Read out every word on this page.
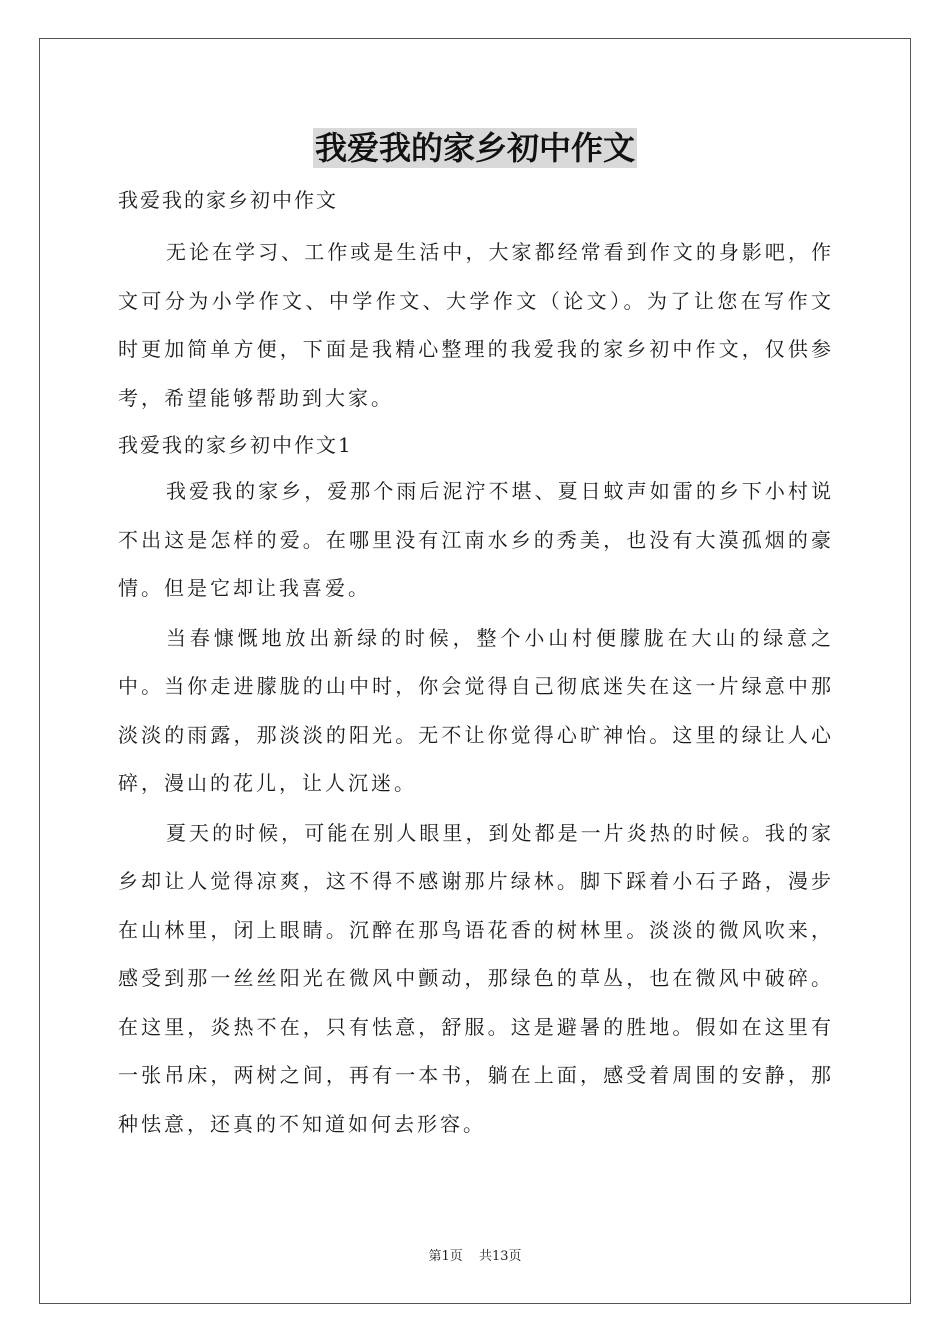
我爱我的家乡初中作文

我爱我的家乡初中作文

无论在学习、工作或是生活中，大家都经常看到作文的身影吧，作文可分为小学作文、中学作文、大学作文（论文）。为了让您在写作文时更加简单方便，下面是我精心整理的我爱我的家乡初中作文，仅供参考，希望能够帮助到大家。

我爱我的家乡初中作文1

我爱我的家乡，爱那个雨后泥泞不堪、夏日蚊声如雷的乡下小村说不出这是怎样的爱。在哪里没有江南水乡的秀美，也没有大漠孤烟的豪情。但是它却让我喜爱。

当春慷慨地放出新绿的时候，整个小山村便朦胧在大山的绿意之中。当你走进朦胧的山中时，你会觉得自己彻底迷失在这一片绿意中那淡淡的雨露，那淡淡的阳光。无不让你觉得心旷神怡。这里的绿让人心碎，漫山的花儿，让人沉迷。

夏天的时候，可能在别人眼里，到处都是一片炎热的时候。我的家乡却让人觉得凉爽，这不得不感谢那片绿林。脚下踩着小石子路，漫步在山林里，闭上眼睛。沉醉在那鸟语花香的树林里。淡淡的微风吹来，感受到那一丝丝阳光在微风中颤动，那绿色的草丛，也在微风中破碎。在这里，炎热不在，只有怯意，舒服。这是避暑的胜地。假如在这里有一张吊床，两树之间，再有一本书，躺在上面，感受着周围的安静，那种怯意，还真的不知道如何去形容。

第1页 共13页
